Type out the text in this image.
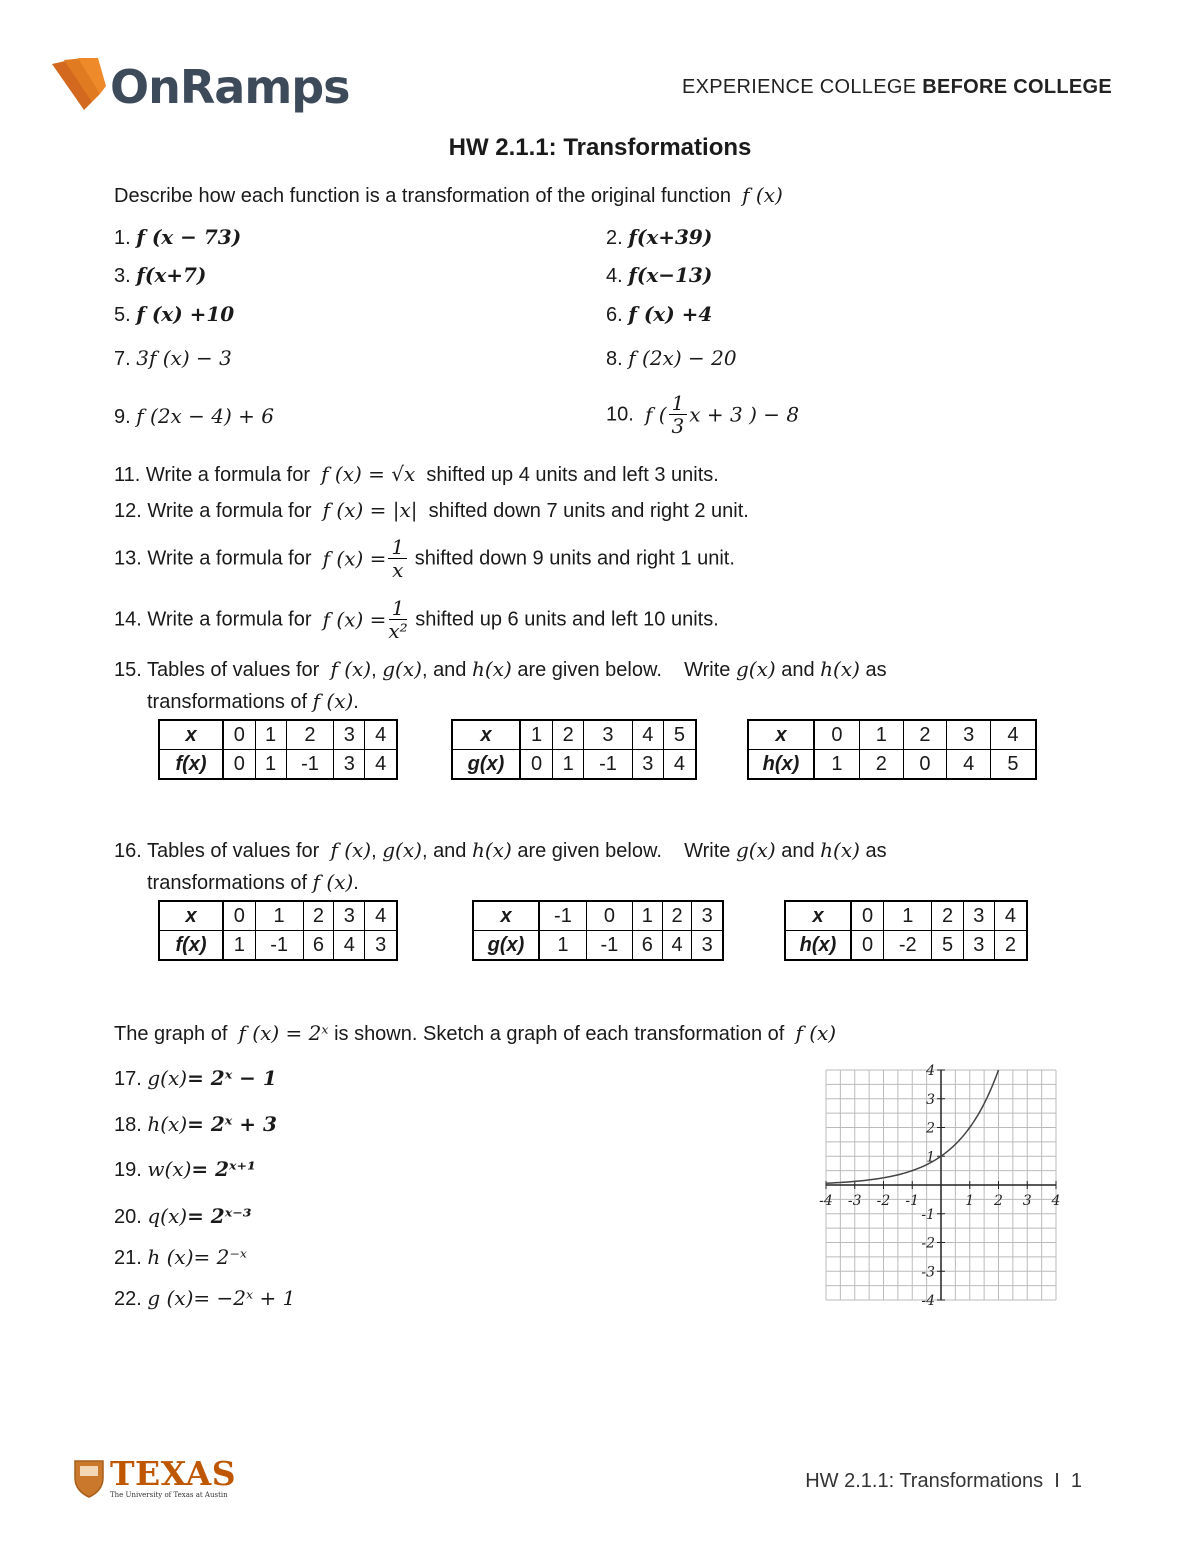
OnRamps	EXPERIENCE COLLEGE BEFORE COLLEGE
HW 2.1.1: Transformations
Describe how each function is a transformation of the original function f (x)
1. f (x − 73)	2. f(x+39)
3. f(x+7)	4. f(x−13)
5. f (x) +10	6. f (x) +4
7. 3f (x) − 3	8. f (2x) − 20
9. f (2x − 4) + 6	10. f ( $\frac{1}{3}$ x + 3 ) − 8
11. Write a formula for f (x) = √x shifted up 4 units and left 3 units.
12. Write a formula for f (x) = |x| shifted down 7 units and right 2 unit.
13. Write a formula for f $(x) = \frac{1}{x}$ shifted down 9 units and right 1 unit.
14. Write a formula for f $(x) = \frac{1}{\text{x²}}$ shifted up 6 units and left 10 units.
15. Tables of values for f (x), g(x), and h(x) are given below. Write g(x) and h(x) as
transformations of f (x).
x	0	1	2	3	4
f(x)	0	1	-1	3	4
x	1	2	3	4	5
g(x)	0	1	-1	3	4
x	0	1	2	3	4
h(x)	1	2	0	4	5
16. Tables of values for f (x), g(x), and h(x) are given below. Write g(x) and h(x) as
transformations of f (x).
x	0	1	2	3	4
f(x)	1	-1	6	4	3
x	-1	0	1	2	3
g(x)	1	-1	6	4	3
x	0	1	2	3	4
h(x)	0	-2	5	3	2
The graph of f (x) = 2ˣ is shown. Sketch a graph of each transformation of f (x)
17. g(x)= 2ˣ − 1
18. h(x)= 2ˣ + 3
19. w(x)= 2ˣ⁺¹
20. q(x)= 2ˣ⁻³
21. h (x)= 2⁻ˣ
22. g (x)= −2ˣ + 1
-4 -3 -2 -1	1 2 3 4
4
3
2
1
-1
-2
-3
-4
TEXAS
The University of Texas at Austin
HW 2.1.1: Transformations  I  1
